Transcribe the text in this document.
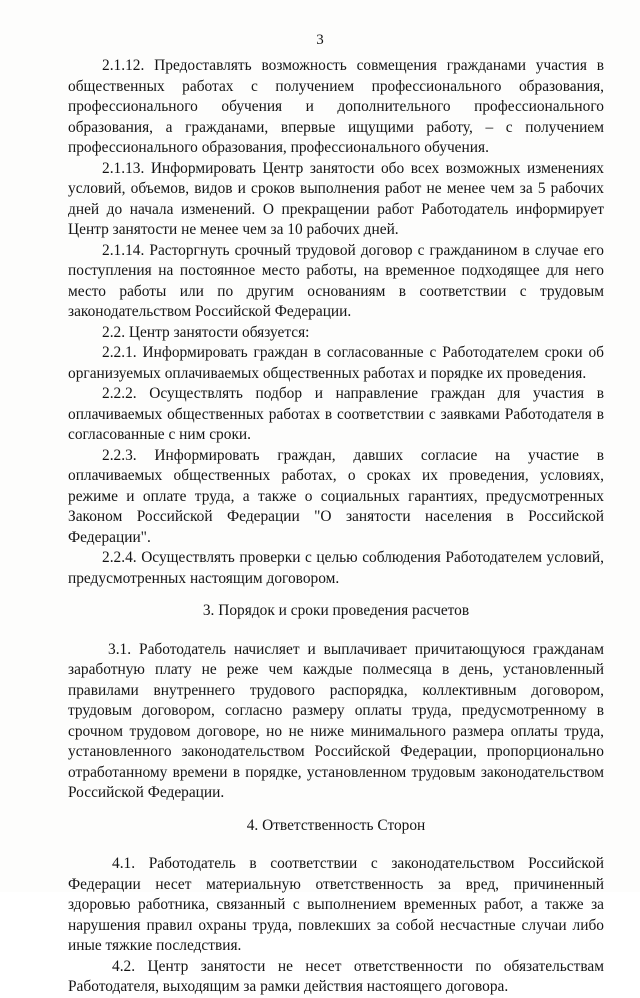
3

2.1.12. Предоставлять возможность совмещения гражданами участия в общественных работах с получением профессионального образования, профессионального обучения и дополнительного профессионального образования, а гражданами, впервые ищущими работу, – с получением профессионального образования, профессионального обучения.

2.1.13. Информировать Центр занятости обо всех возможных изменениях условий, объемов, видов и сроков выполнения работ не менее чем за 5 рабочих дней до начала изменений. О прекращении работ Работодатель информирует Центр занятости не менее чем за 10 рабочих дней.

2.1.14. Расторгнуть срочный трудовой договор с гражданином в случае его поступления на постоянное место работы, на временное подходящее для него место работы или по другим основаниям в соответствии с трудовым законодательством Российской Федерации.

2.2. Центр занятости обязуется:

2.2.1. Информировать граждан в согласованные с Работодателем сроки об организуемых оплачиваемых общественных работах и порядке их проведения.

2.2.2. Осуществлять подбор и направление граждан для участия в оплачиваемых общественных работах в соответствии с заявками Работодателя в согласованные с ним сроки.

2.2.3. Информировать граждан, давших согласие на участие в оплачиваемых общественных работах, о сроках их проведения, условиях, режиме и оплате труда, а также о социальных гарантиях, предусмотренных Законом Российской Федерации "О занятости населения в Российской Федерации".

2.2.4. Осуществлять проверки с целью соблюдения Работодателем условий, предусмотренных настоящим договором.

3. Порядок и сроки проведения расчетов

3.1. Работодатель начисляет и выплачивает причитающуюся гражданам заработную плату не реже чем каждые полмесяца в день, установленный правилами внутреннего трудового распорядка, коллективным договором, трудовым договором, согласно размеру оплаты труда, предусмотренному в срочном трудовом договоре, но не ниже минимального размера оплаты труда, установленного законодательством Российской Федерации, пропорционально отработанному времени в порядке, установленном трудовым законодательством Российской Федерации.

4. Ответственность Сторон

4.1. Работодатель в соответствии с законодательством Российской Федерации несет материальную ответственность за вред, причиненный здоровью работника, связанный с выполнением временных работ, а также за нарушения правил охраны труда, повлекших за собой несчастные случаи либо иные тяжкие последствия.

4.2. Центр занятости не несет ответственности по обязательствам Работодателя, выходящим за рамки действия настоящего договора.
